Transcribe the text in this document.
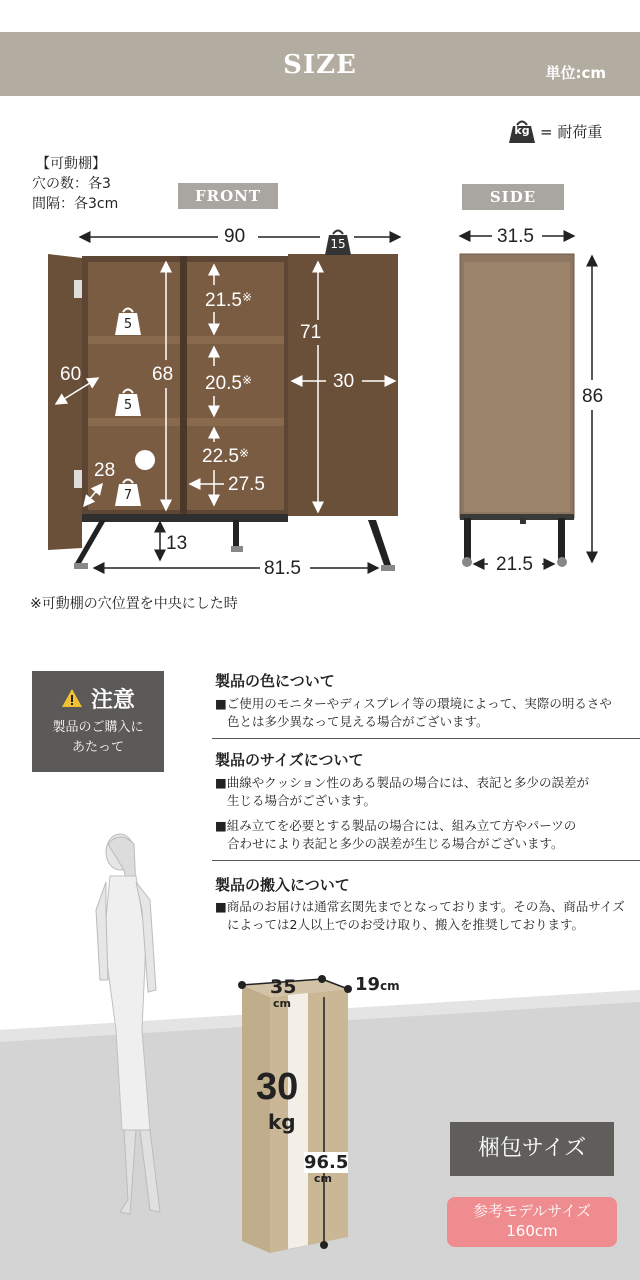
SIZE	単位:cm
kg = 耐荷重
【可動棚】
穴の数：各3
間隔：各3cm	FRONT	SIDE
15
5
5
7
90
60
28
68
71
30
21.5※
20.5※
22.5※
27.5
13
81.5
31.5
86
21.5
※可動棚の穴位置を中央にした時
注意
製品のご購入に
あたって
製品の色について
■ご使用のモニターやディスプレイ等の環境によって、実際の明るさや
色とは多少異なって見える場合がございます。
製品のサイズについて
■曲線やクッション性のある製品の場合には、表記と多少の誤差が
生じる場合がございます。
■組み立てを必要とする製品の場合には、組み立て方やパーツの
合わせにより表記と多少の誤差が生じる場合がございます。
製品の搬入について
■商品のお届けは通常玄関先までとなっております。その為、商品サイズ
によっては2人以上でのお受け取り、搬入を推奨しております。
35
cm
19cm
30
kg
96.5
cm
梱包サイズ
参考モデルサイズ
160cm
